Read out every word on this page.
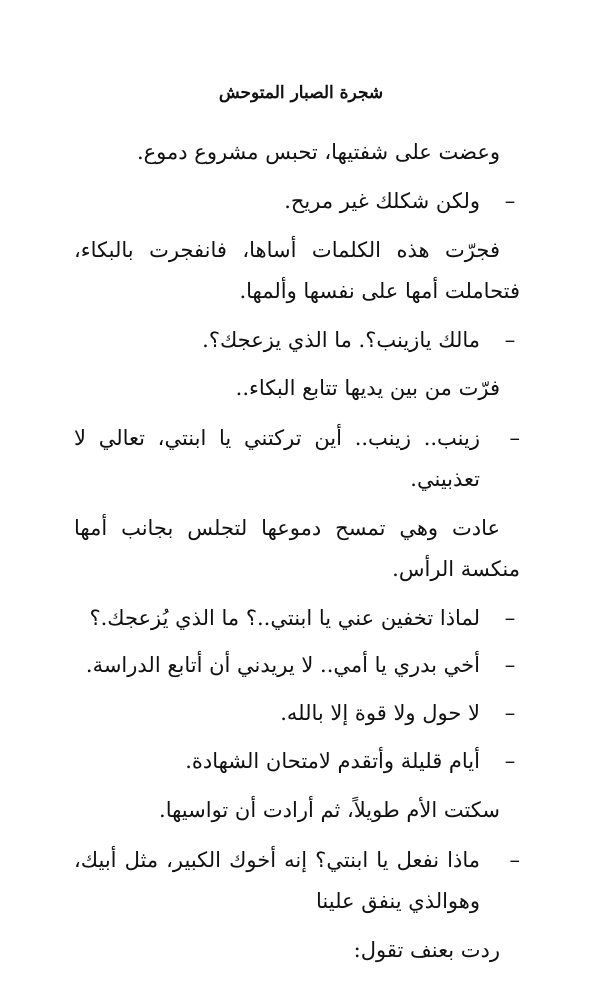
شجرة الصبار المتوحش
وعضت على شفتيها، تحبس مشروع دموع.
–
ولكن شكلك غير مريح.
فجرّت هذه الكلمات أساها، فانفجرت بالبكاء، فتحاملت أمها على نفسها وألمها.
–
مالك يازينب؟. ما الذي يزعجك؟.
فرّت من بين يديها تتابع البكاء..
–
زينب.. زينب.. أين تركتني يا ابنتي، تعالي لا تعذبيني.
عادت وهي تمسح دموعها لتجلس بجانب أمها منكسة الرأس.
–
لماذا تخفين عني يا ابنتي..؟ ما الذي يُزعجك.؟
–
أخي بدري يا أمي.. لا يريدني أن أتابع الدراسة.
–
لا حول ولا قوة إلا بالله.
–
أيام قليلة وأتقدم لامتحان الشهادة.
سكتت الأم طويلاً، ثم أرادت أن تواسيها.
–
ماذا نفعل يا ابنتي؟ إنه أخوك الكبير، مثل أبيك، وهوالذي ينفق علينا
ردت بعنف تقول:
